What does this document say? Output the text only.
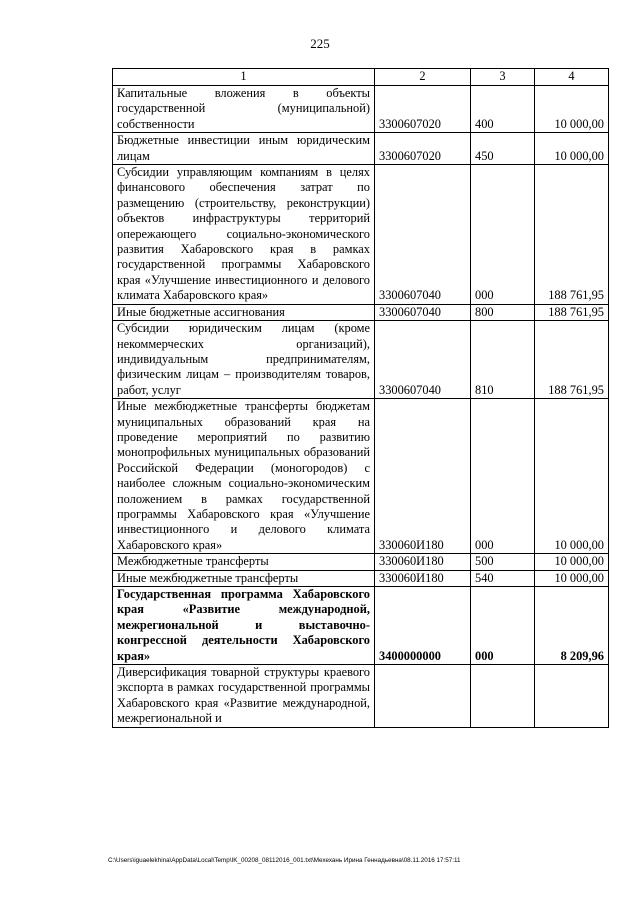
225
1	2	3	4
Капитальные вложения в объекты государственной (муниципальной) собственности	3300607020	400	10 000,00
Бюджетные инвестиции иным юридическим лицам	3300607020	450	10 000,00
Субсидии управляющим компаниям в целях финансового обеспечения затрат по размещению (строительству, реконструкции) объектов инфраструктуры территорий опережающего социально-экономического развития Хабаровского края в рамках государственной программы Хабаровского края «Улучшение инвестиционного и делового климата Хабаровского края»	3300607040	000	188 761,95
Иные бюджетные ассигнования	3300607040	800	188 761,95
Субсидии юридическим лицам (кроме некоммерческих организаций), индивидуальным предпринимателям, физическим лицам – производителям товаров, работ, услуг	3300607040	810	188 761,95
Иные межбюджетные трансферты бюджетам муниципальных образований края на проведение мероприятий по развитию монопрофильных муниципальных образований Российской Федерации (моногородов) с наиболее сложным социально-экономическим положением в рамках государственной программы Хабаровского края «Улучшение инвестиционного и делового климата Хабаровского края»	330060И180	000	10 000,00
Межбюджетные трансферты	330060И180	500	10 000,00
Иные межбюджетные трансферты	330060И180	540	10 000,00
Государственная программа Хабаровского края «Развитие международной, межрегиональной и выставочно-конгрессной деятельности Хабаровского края»	3400000000	000	8 209,96
Диверсификация товарной структуры краевого экспорта в рамках государственной программы Хабаровского края «Развитие международной, межрегиональной и			
C:\Users\iguaelekhina\AppData\Local\Temp\IK_00208_08112016_001.txt\Мехехань Ирина Геннадьевна\08.11.2016 17:57:11
